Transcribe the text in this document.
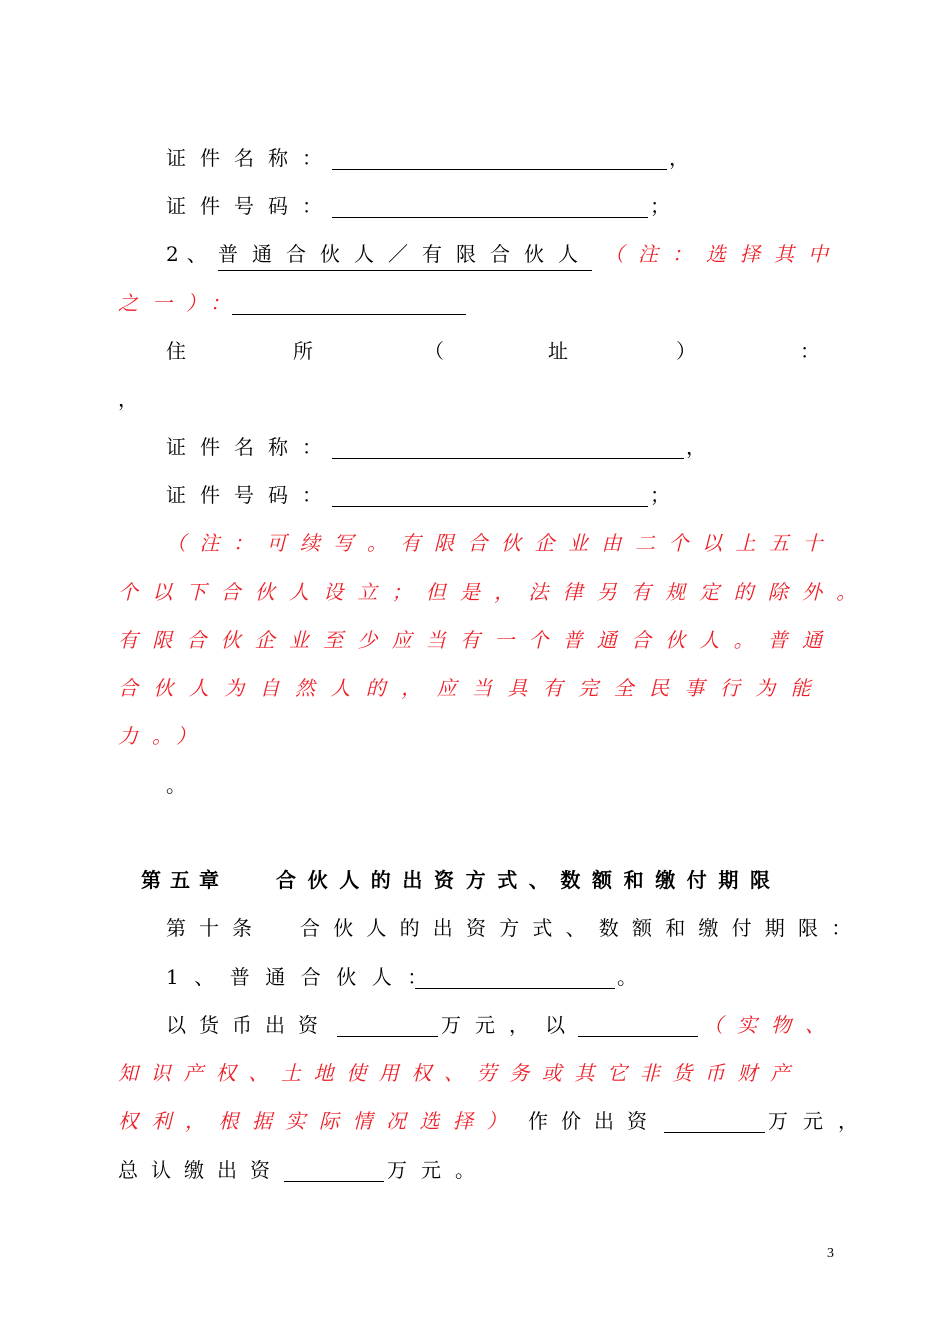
证件名称：	，
证件号码：	；
2、 普通合伙人／有限合伙人 （注：选择其中
之一）：
住	所	（	址	）	：
，
证件名称：	，
证件号码：	；
（注：可续写。有限合伙企业由二个以上五十
个以下合伙人设立；但是，法律另有规定的除外。
有限合伙企业至少应当有一个普通合伙人。普通
合伙人为自然人的，应当具有完全民事行为能
力。）
。
第五章 合伙人的出资方式、数额和缴付期限
第十条 合伙人的出资方式、数额和缴付期限：
1、普通合伙人：	。
以货币出资	万元， 以	（实物、
知识产权、土地使用权、劳务或其它非货币财产
权利，根据实际情况选择） 作价出资	万元，
总认缴出资	万元。
3
